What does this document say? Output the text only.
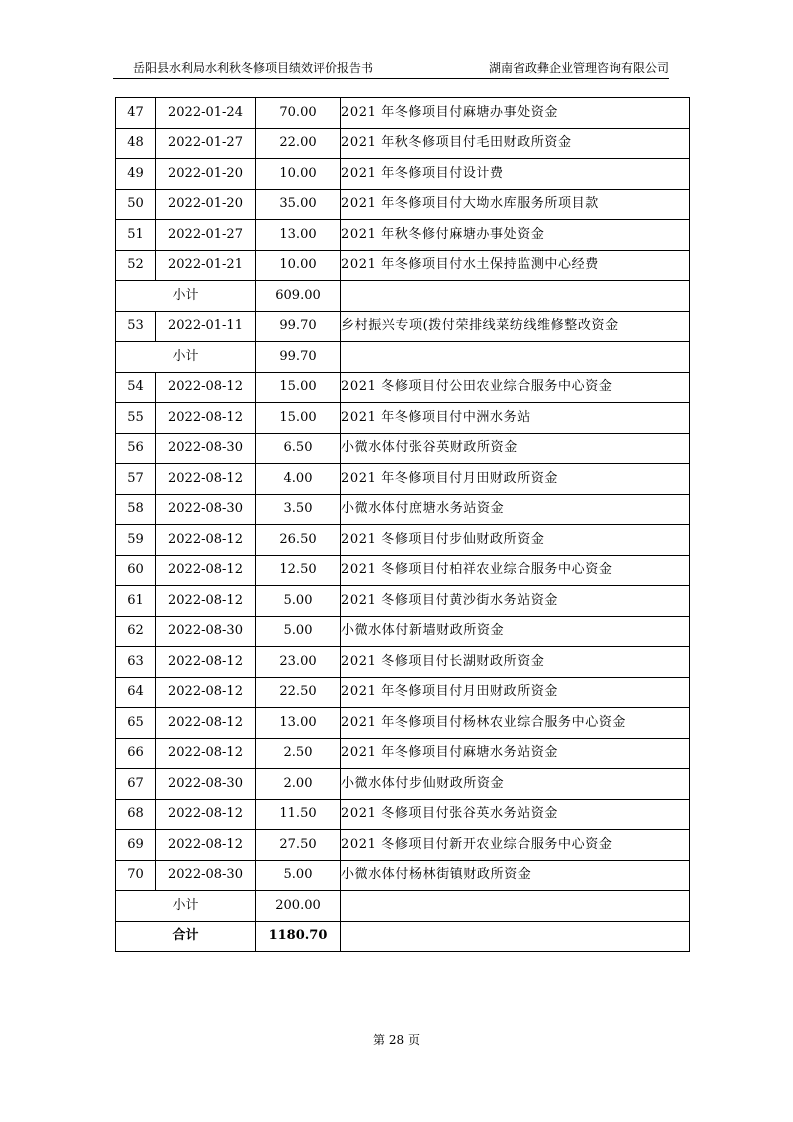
岳阳县水利局水利秋冬修项目绩效评价报告书	湖南省政彝企业管理咨询有限公司
47	2022-01-24	70.00	2021 年冬修项目付麻塘办事处资金
48	2022-01-27	22.00	2021 年秋冬修项目付毛田财政所资金
49	2022-01-20	10.00	2021 年冬修项目付设计费
50	2022-01-20	35.00	2021 年冬修项目付大坳水库服务所项目款
51	2022-01-27	13.00	2021 年秋冬修付麻塘办事处资金
52	2022-01-21	10.00	2021 年冬修项目付水土保持监测中心经费
小计		609.00	
53	2022-01-11	99.70	乡村振兴专项(拨付荣排线菜纺线维修整改资金
小计		99.70	
54	2022-08-12	15.00	2021 冬修项目付公田农业综合服务中心资金
55	2022-08-12	15.00	2021 年冬修项目付中洲水务站
56	2022-08-30	6.50	小微水体付张谷英财政所资金
57	2022-08-12	4.00	2021 年冬修项目付月田财政所资金
58	2022-08-30	3.50	小微水体付庶塘水务站资金
59	2022-08-12	26.50	2021 冬修项目付步仙财政所资金
60	2022-08-12	12.50	2021 冬修项目付柏祥农业综合服务中心资金
61	2022-08-12	5.00	2021 冬修项目付黄沙街水务站资金
62	2022-08-30	5.00	小微水体付新墙财政所资金
63	2022-08-12	23.00	2021 冬修项目付长湖财政所资金
64	2022-08-12	22.50	2021 年冬修项目付月田财政所资金
65	2022-08-12	13.00	2021 年冬修项目付杨林农业综合服务中心资金
66	2022-08-12	2.50	2021 年冬修项目付麻塘水务站资金
67	2022-08-30	2.00	小微水体付步仙财政所资金
68	2022-08-12	11.50	2021 冬修项目付张谷英水务站资金
69	2022-08-12	27.50	2021 冬修项目付新开农业综合服务中心资金
70	2022-08-30	5.00	小微水体付杨林街镇财政所资金
小计		200.00	
合计		1180.70	
第 28 页
